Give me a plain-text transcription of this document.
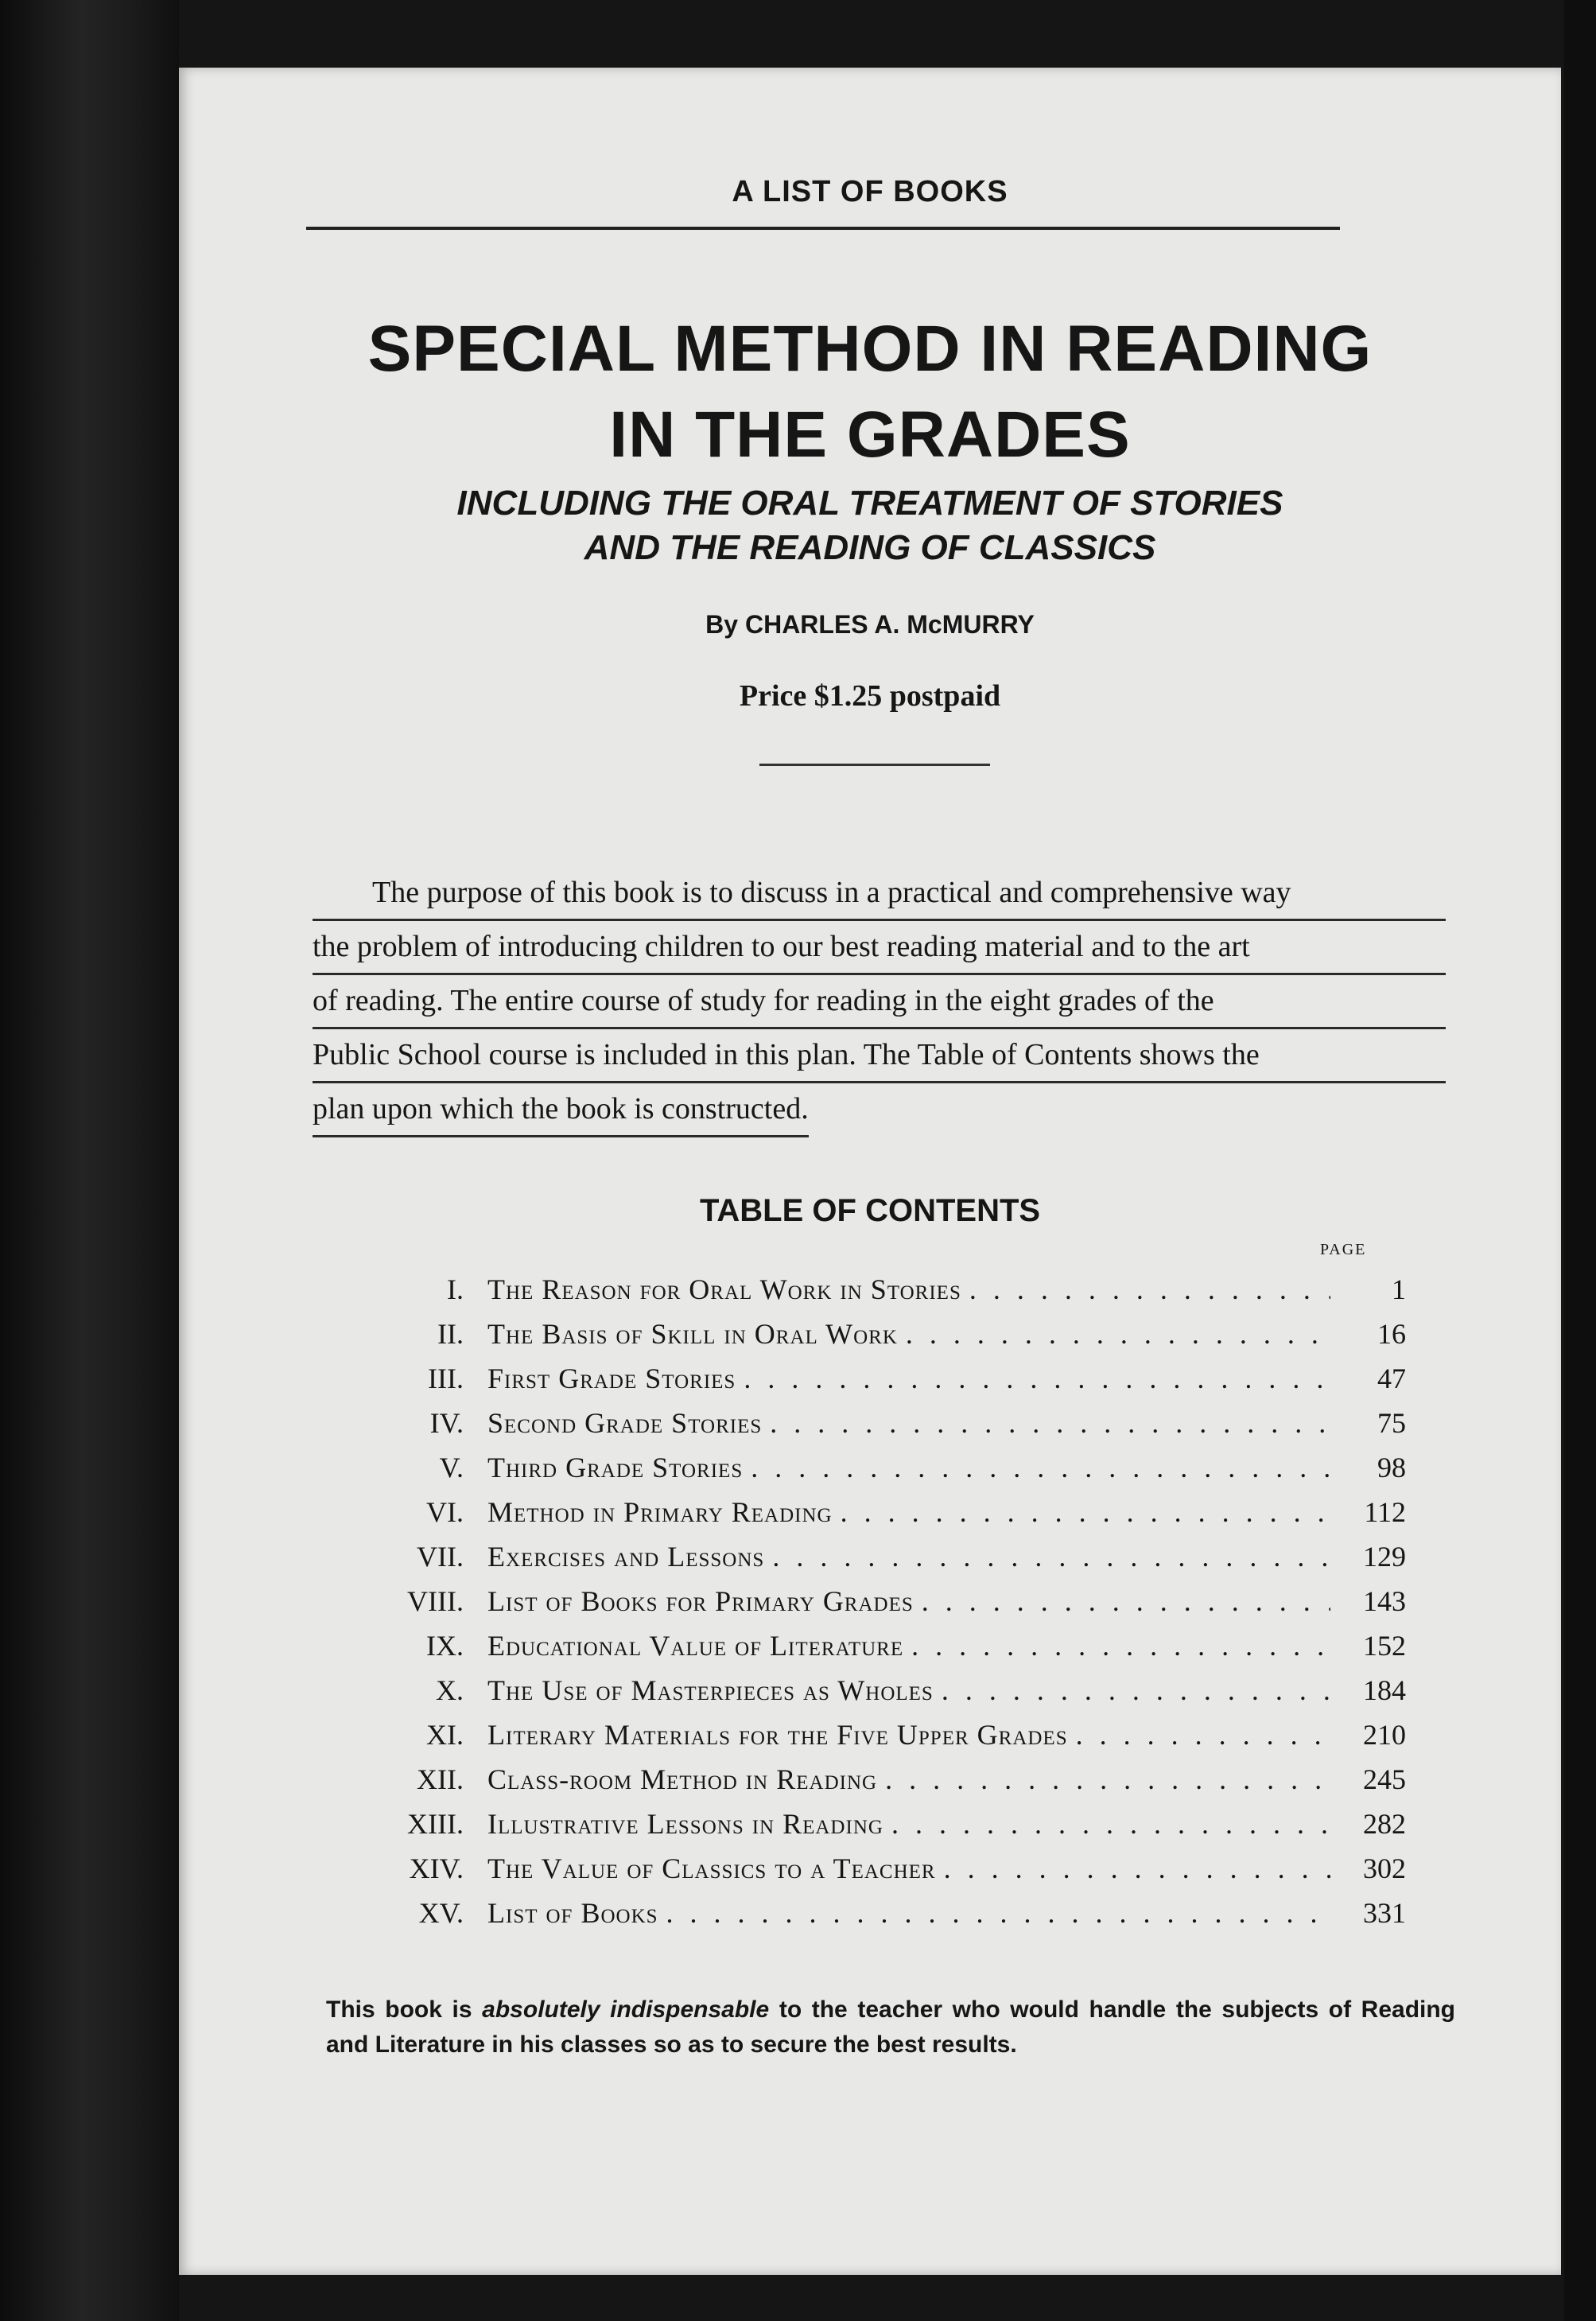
A LIST OF BOOKS
SPECIAL METHOD IN READING
IN THE GRADES
INCLUDING THE ORAL TREATMENT OF STORIES
AND THE READING OF CLASSICS
By CHARLES A. McMURRY
Price $1.25 postpaid
The purpose of this book is to discuss in a practical and comprehensive way
the problem of introducing children to our best reading material and to the art
of reading. The entire course of study for reading in the eight grades of the
Public School course is included in this plan. The Table of Contents shows the
plan upon which the book is constructed.
TABLE OF CONTENTS
PAGE
I. The Reason for Oral Work in Stories . .	1
II. The Basis of Skill in Oral Work . .	16
III. First Grade Stories . .	47
IV. Second Grade Stories . .	75
V. Third Grade Stories . .	98
VI. Method in Primary Reading . .	112
VII. Exercises and Lessons . .	129
VIII. List of Books for Primary Grades . .	143
IX. Educational Value of Literature . .	152
X. The Use of Masterpieces as Wholes . .	184
XI. Literary Materials for the Five Upper Grades . .	210
XII. Class-room Method in Reading . .	245
XIII. Illustrative Lessons in Reading . .	282
XIV. The Value of Classics to a Teacher . .	302
XV. List of Books . .	331
This book is absolutely indispensable to the teacher who would handle the subjects of Reading and Literature in his classes so as to secure the best results.
